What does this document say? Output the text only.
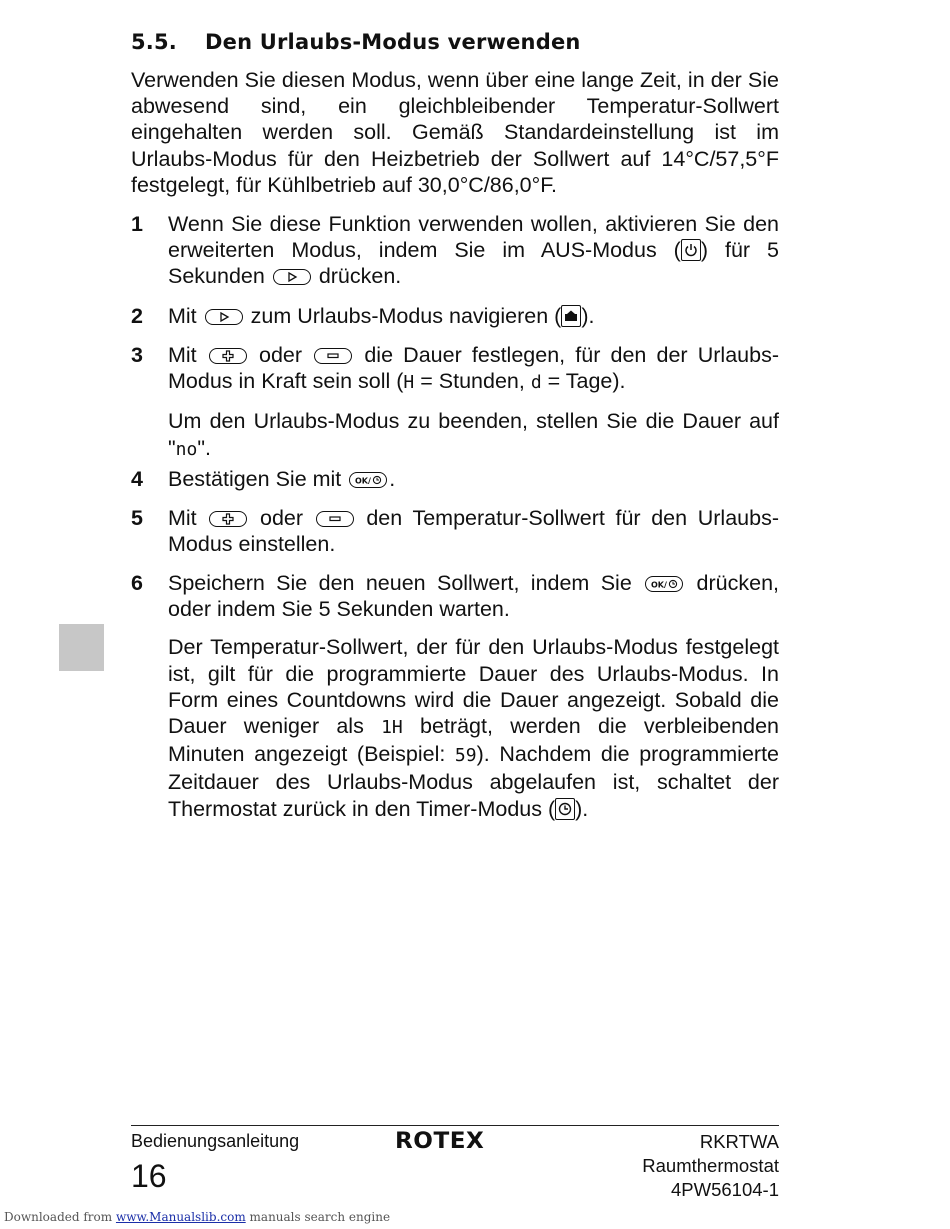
5.5. Den Urlaubs-Modus verwenden
Verwenden Sie diesen Modus, wenn über eine lange Zeit, in der Sie abwesend sind, ein gleichbleibender Temperatur-Sollwert eingehalten werden soll. Gemäß Standardeinstellung ist im Urlaubs-Modus für den Heizbetrieb der Sollwert auf 14°C/57,5°F festgelegt, für Kühlbetrieb auf 30,0°C/86,0°F.
1	Wenn Sie diese Funktion verwenden wollen, aktivieren Sie den erweiterten Modus, indem Sie im AUS-Modus ( ) für 5 Sekunden	drücken.

2	Mit	zum Urlaubs-Modus navigieren ( ).

3	Mit	oder	die Dauer festlegen, für den der Urlaubs-Modus in Kraft sein soll (H = Stunden, d = Tage).

Um den Urlaubs-Modus zu beenden, stellen Sie die Dauer auf "no".

4	Bestätigen Sie mit OK/ .

5	Mit	oder	den Temperatur-Sollwert für den Urlaubs-Modus einstellen.

6	Speichern Sie den neuen Sollwert, indem Sie OK/ drücken, oder indem Sie 5 Sekunden warten.

Der Temperatur-Sollwert, der für den Urlaubs-Modus festgelegt ist, gilt für die programmierte Dauer des Urlaubs-Modus. In Form eines Countdowns wird die Dauer angezeigt. Sobald die Dauer weniger als 1H beträgt, werden die verbleibenden Minuten angezeigt (Beispiel: 59). Nachdem die programmierte Zeitdauer des Urlaubs-Modus abgelaufen ist, schaltet der Thermostat zurück in den Timer-Modus ( ).

Bedienungsanleitung
16
ROTEX	RKRTWA
Raumthermostat
4PW56104-1
Downloaded from www.Manualslib.com manuals search engine
